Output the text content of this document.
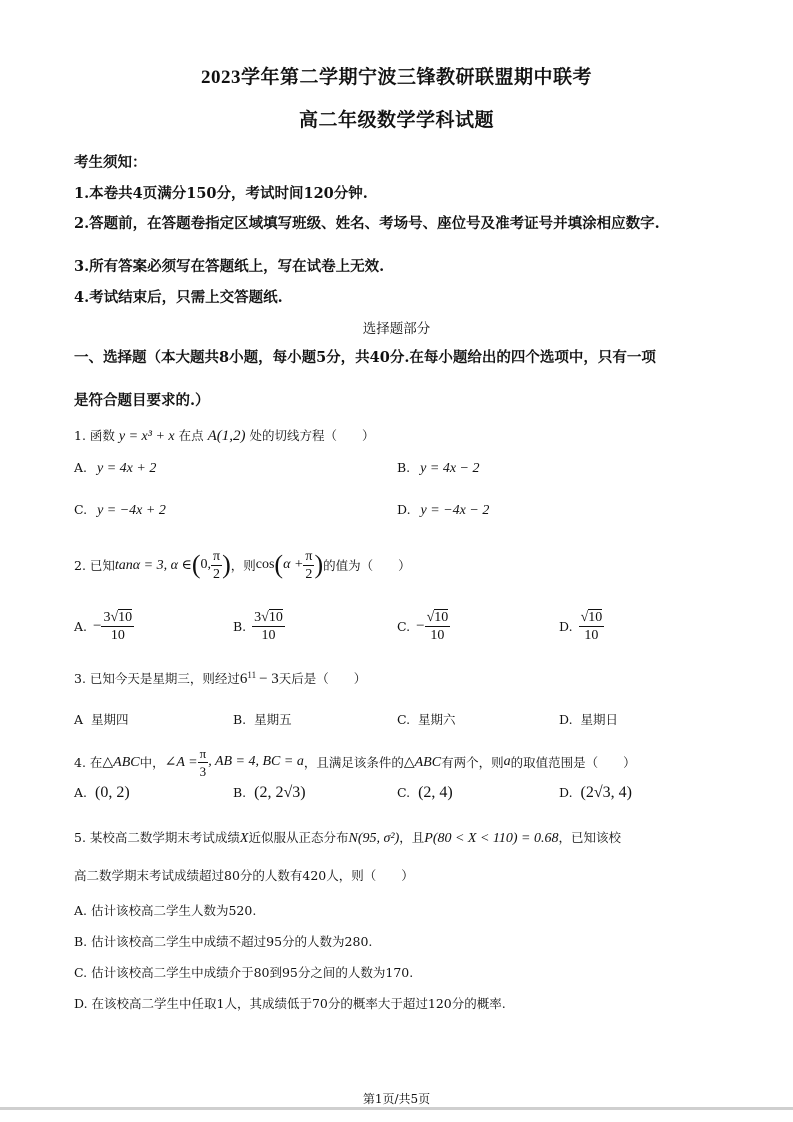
2023学年第二学期宁波三锋教研联盟期中联考
高二年级数学学科试题
考生须知：
1.本卷共4页满分150分，考试时间120分钟.
2.答题前，在答题卷指定区域填写班级、姓名、考场号、座位号及准考证号并填涂相应数字.
3.所有答案必须写在答题纸上，写在试卷上无效.
4.考试结束后，只需上交答题纸.
选择题部分
一、选择题（本大题共8小题，每小题5分，共40分.在每小题给出的四个选项中，只有一项
是符合题目要求的.）
1. 函数 y = x³ + x 在点 A(1,2) 处的切线方程（　　）
A. y = 4x + 2	B. y = 4x − 2
C. y = −4x + 2	D. y = −4x − 2
2. 已知 tanα = 3, α ∈ ( 0, $\frac{\pi}{2}$ ) ，则 cos ( $\alpha + \frac{\pi}{2}$ ) 的值为（　　）
A. − $\frac{3√10}{10}$	B. $\frac{3√10}{10}$	C. − $\frac{√10}{10}$	D. $\frac{√10}{10}$
3. 已知今天是星期三，则经过$6^{11} - 3$天后是（　　）
A 星期四	B. 星期五	C. 星期六	D. 星期日
4. 在 △ABC 中， ∠A = $\frac{\pi}{3}$ , AB = 4, BC = a ，且满足该条件的 △ABC 有两个，则 a 的取值范围是（　　）
A. (0, 2)	B. (2, 2√3)	C. (2, 4)	D. (2√3, 4)
5. 某校高二数学期末考试成绩X近似服从正态分布N(95, σ²)，且P(80 < X < 110) = 0.68，已知该校
高二数学期末考试成绩超过80分的人数有420人，则（　　）
A. 估计该校高二学生人数为520.
B. 估计该校高二学生中成绩不超过95分的人数为280.
C. 估计该校高二学生中成绩介于80到95分之间的人数为170.
D. 在该校高二学生中任取1人，其成绩低于70分的概率大于超过120分的概率.
第1页/共5页
